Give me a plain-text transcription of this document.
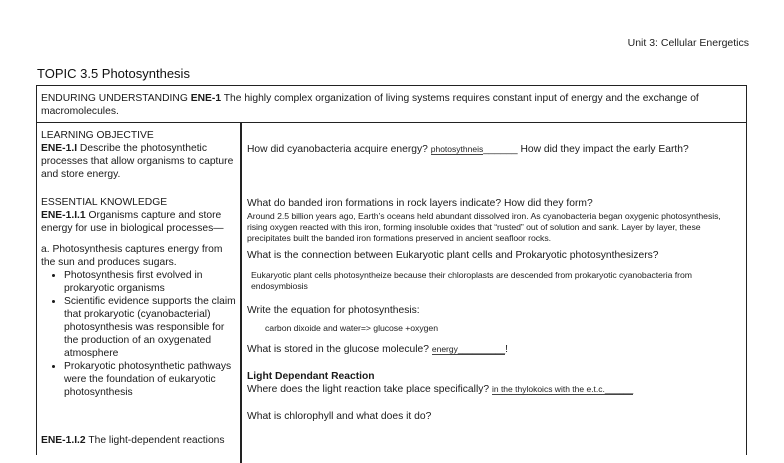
Unit 3: Cellular Energetics
TOPIC 3.5 Photosynthesis
ENDURING UNDERSTANDING ENE-1 The highly complex organization of living systems requires constant input of energy and the exchange of macromolecules.
LEARNING OBJECTIVE
ENE-1.I Describe the photosynthetic processes that allow organisms to capture and store energy.
ESSENTIAL KNOWLEDGE
ENE-1.I.1 Organisms capture and store energy for use in biological processes—
a. Photosynthesis captures energy from the sun and produces sugars.
• Photosynthesis first evolved in prokaryotic organisms
• Scientific evidence supports the claim that prokaryotic (cyanobacterial) photosynthesis was responsible for the production of an oxygenated atmosphere
• Prokaryotic photosynthetic pathways were the foundation of eukaryotic photosynthesis
ENE-1.I.2 The light-dependent reactions
How did cyanobacteria acquire energy? photosythneis______ How did they impact the early Earth?
What do banded iron formations in rock layers indicate? How did they form?
Around 2.5 billion years ago, Earth’s oceans held abundant dissolved iron. As cyanobacteria began oxygenic photosynthesis, rising oxygen reacted with this iron, forming insoluble oxides that “rusted” out of solution and sank. Layer by layer, these precipitates built the banded iron formations preserved in ancient seafloor rocks.
What is the connection between Eukaryotic plant cells and Prokaryotic photosynthesizers?
Eukaryotic plant cells photosyntheize because their chloroplasts are descended from prokaryotic cyanobacteria from endosymbiosis
Write the equation for photosynthesis:
carbon dixoide and water=> glucose +oxygen
What is stored in the glucose molecule? energy__________!
Light Dependant Reaction
Where does the light reaction take place specifically? in the thylokoics with the e.t.c.______
What is chlorophyll and what does it do?
